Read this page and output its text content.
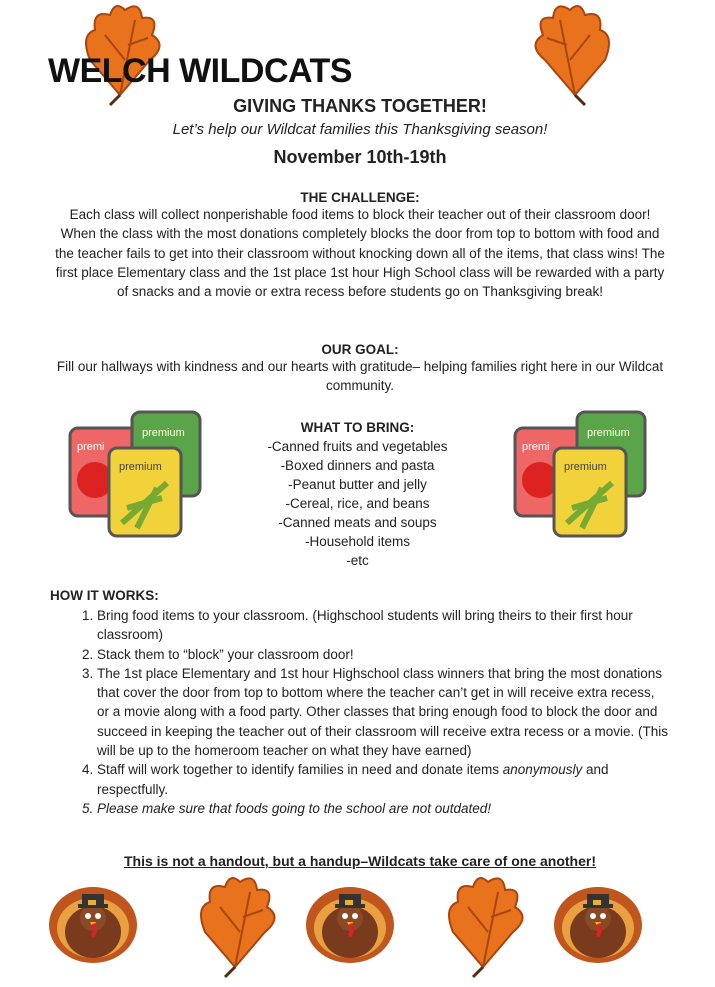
WELCH WILDCATS
GIVING THANKS TOGETHER!
Let’s help our Wildcat families this Thanksgiving season!
November 10th-19th
THE CHALLENGE:
Each class will collect nonperishable food items to block their teacher out of their classroom door! When the class with the most donations completely blocks the door from top to bottom with food and the teacher fails to get into their classroom without knocking down all of the items, that class wins! The first place Elementary class and the 1st place 1st hour High School class will be rewarded with a party of snacks and a movie or extra recess before students go on Thanksgiving break!
OUR GOAL:
Fill our hallways with kindness and our hearts with gratitude– helping families right here in our Wildcat community.
WHAT TO BRING:
-Canned fruits and vegetables
-Boxed dinners and pasta
-Peanut butter and jelly
-Cereal, rice, and beans
-Canned meats and soups
-Household items
-etc
HOW IT WORKS:
1. Bring food items to your classroom. (Highschool students will bring theirs to their first hour classroom)
2. Stack them to “block” your classroom door!
3. The 1st place Elementary and 1st hour Highschool class winners that bring the most donations that cover the door from top to bottom where the teacher can’t get in will receive extra recess, or a movie along with a food party. Other classes that bring enough food to block the door and succeed in keeping the teacher out of their classroom will receive extra recess or a movie. (This will be up to the homeroom teacher on what they have earned)
4. Staff will work together to identify families in need and donate items anonymously and respectfully.
5. Please make sure that foods going to the school are not outdated!
This is not a handout, but a handup–Wildcats take care of one another!
